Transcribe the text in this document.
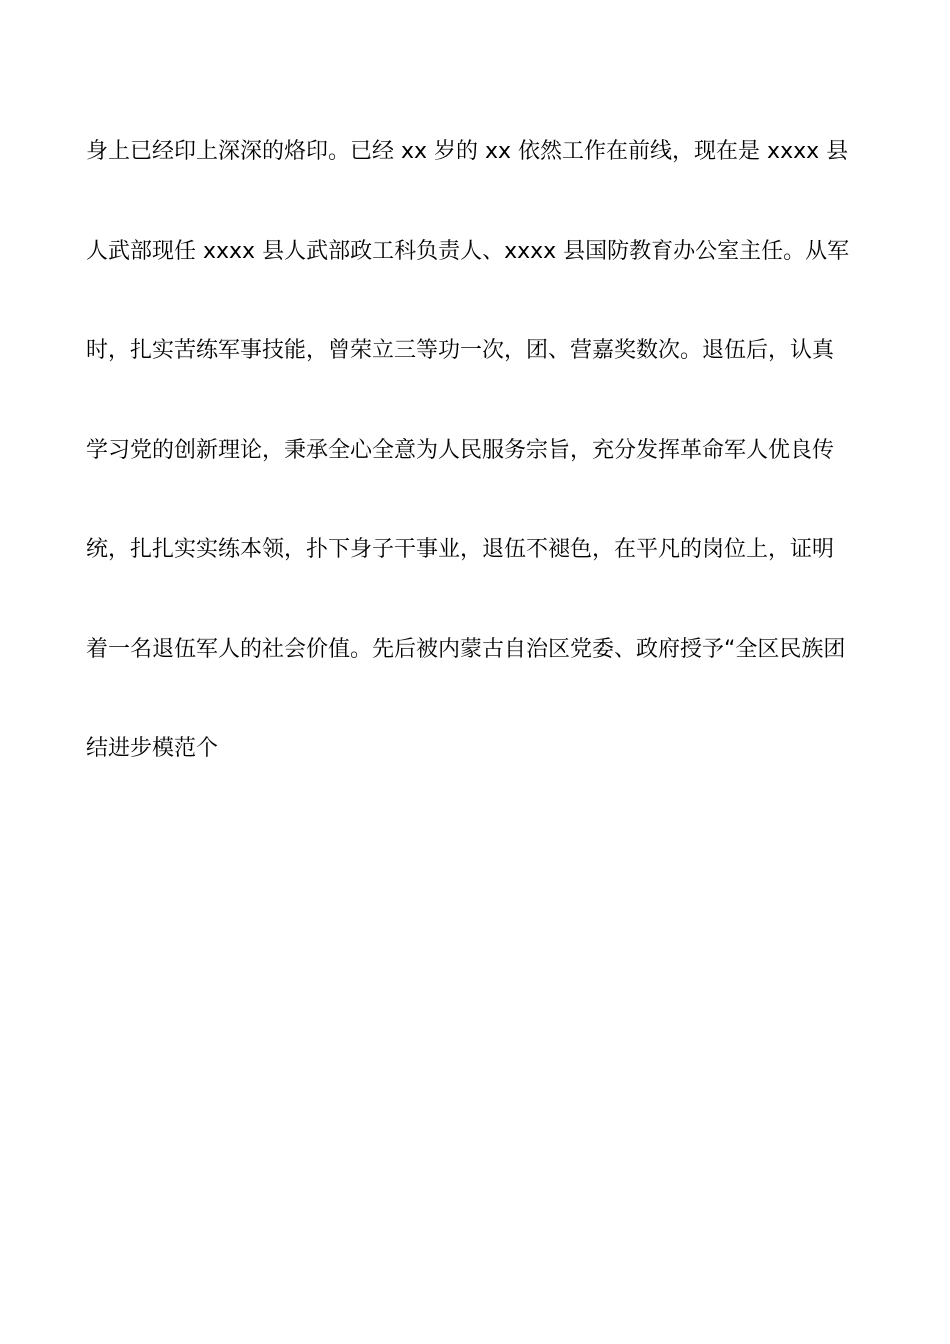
身上已经印上深深的烙印。已经 xx 岁的 xx 依然工作在前线，现在是 xxxx 县
人武部现任 xxxx 县人武部政工科负责人、xxxx 县国防教育办公室主任。从军
时，扎实苦练军事技能，曾荣立三等功一次，团、营嘉奖数次。退伍后，认真
学习党的创新理论，秉承全心全意为人民服务宗旨，充分发挥革命军人优良传
统，扎扎实实练本领，扑下身子干事业，退伍不褪色，在平凡的岗位上，证明
着一名退伍军人的社会价值。先后被内蒙古自治区党委、政府授予“全区民族团
结进步模范个
